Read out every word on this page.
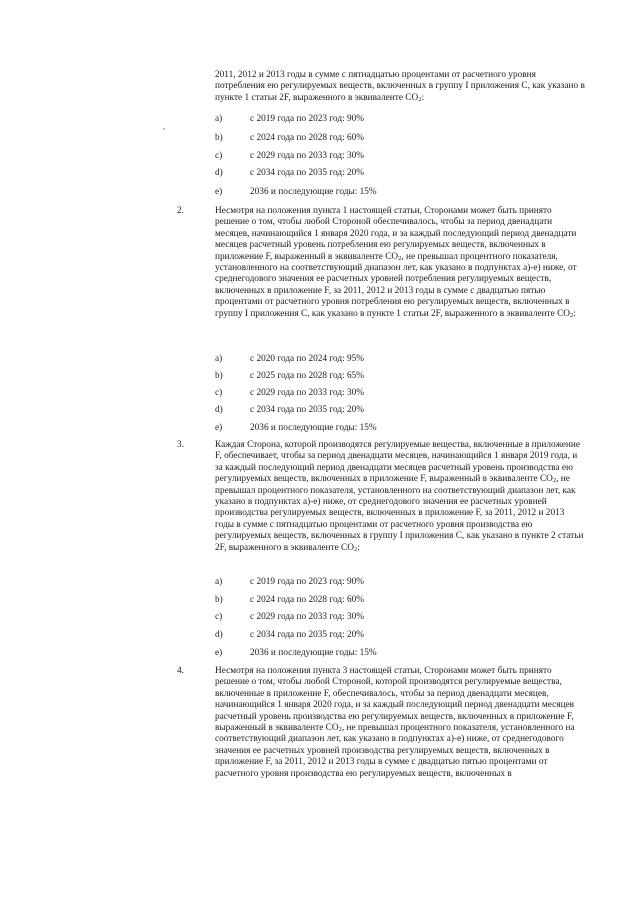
2011, 2012 и 2013 годы в сумме с пятнадцатью процентами от расчетного уровня потребления ею регулируемых веществ, включенных в группу I приложения C, как указано в пункте 1 статьи 2F, выраженного в эквиваленте $CO_2$:
a)	с 2019 года по 2023 год: 90%
b)	с 2024 года по 2028 год: 60%
c)	с 2029 года по 2033 год: 30%
d)	с 2034 года по 2035 год: 20%
e)	2036 и последующие годы: 15%
2.	Несмотря на положения пункта 1 настоящей статьи, Сторонами может быть принято решение о том, чтобы любой Стороной обеспечивалось, чтобы за период двенадцати месяцев, начинающийся 1 января 2020 года, и за каждый последующий период двенадцати месяцев расчетный уровень потребления ею регулируемых веществ, включенных в приложение F, выраженный в эквиваленте $CO_2$, не превышал процентного показателя, установленного на соответствующий диапазон лет, как указано в подпунктах a)-e) ниже, от среднегодового значения ее расчетных уровней потребления регулируемых веществ, включенных в приложение F, за 2011, 2012 и 2013 годы в сумме с двадцатью пятью процентами от расчетного уровня потребления ею регулируемых веществ, включенных в группу I приложения C, как указано в пункте 1 статьи 2F, выраженного в эквиваленте $CO_2$:
a)	с 2020 года по 2024 год: 95%
b)	с 2025 года по 2028 год: 65%
c)	с 2029 года по 2033 год: 30%
d)	с 2034 года по 2035 год: 20%
e)	2036 и последующие годы: 15%
3.	Каждая Сторона, которой производятся регулируемые вещества, включенные в приложение F, обеспечивает, чтобы за период двенадцати месяцев, начинающийся 1 января 2019 года, и за каждый последующий период двенадцати месяцев расчетный уровень производства ею регулируемых веществ, включенных в приложение F, выраженный в эквиваленте $CO_2$, не превышал процентного показателя, установленного на соответствующий диапазон лет, как указано в подпунктах a)-e) ниже, от среднегодового значения ее расчетных уровней производства регулируемых веществ, включенных в приложение F, за 2011, 2012 и 2013 годы в сумме с пятнадцатью процентами от расчетного уровня производства ею регулируемых веществ, включенных в группу I приложения C, как указано в пункте 2 статьи 2F, выраженного в эквиваленте $CO_2$:
a)	с 2019 года по 2023 год: 90%
b)	с 2024 года по 2028 год: 60%
c)	с 2029 года по 2033 год: 30%
d)	с 2034 года по 2035 год: 20%
e)	2036 и последующие годы: 15%
4.	Несмотря на положения пункта 3 настоящей статьи, Сторонами может быть принято решение о том, чтобы любой Стороной, которой производятся регулируемые вещества, включенные в приложение F, обеспечивалось, чтобы за период двенадцати месяцев, начинающийся 1 января 2020 года, и за каждый последующий период двенадцати месяцев расчетный уровень производства ею регулируемых веществ, включенных в приложение F, выраженный в эквиваленте $CO_2$, не превышал процентного показателя, установленного на соответствующий диапазон лет, как указано в подпунктах a)-e) ниже, от среднегодового значения ее расчетных уровней производства регулируемых веществ, включенных в приложение F, за 2011, 2012 и 2013 годы в сумме с двадцатью пятью процентами от расчетного уровня производства ею регулируемых веществ, включенных в
